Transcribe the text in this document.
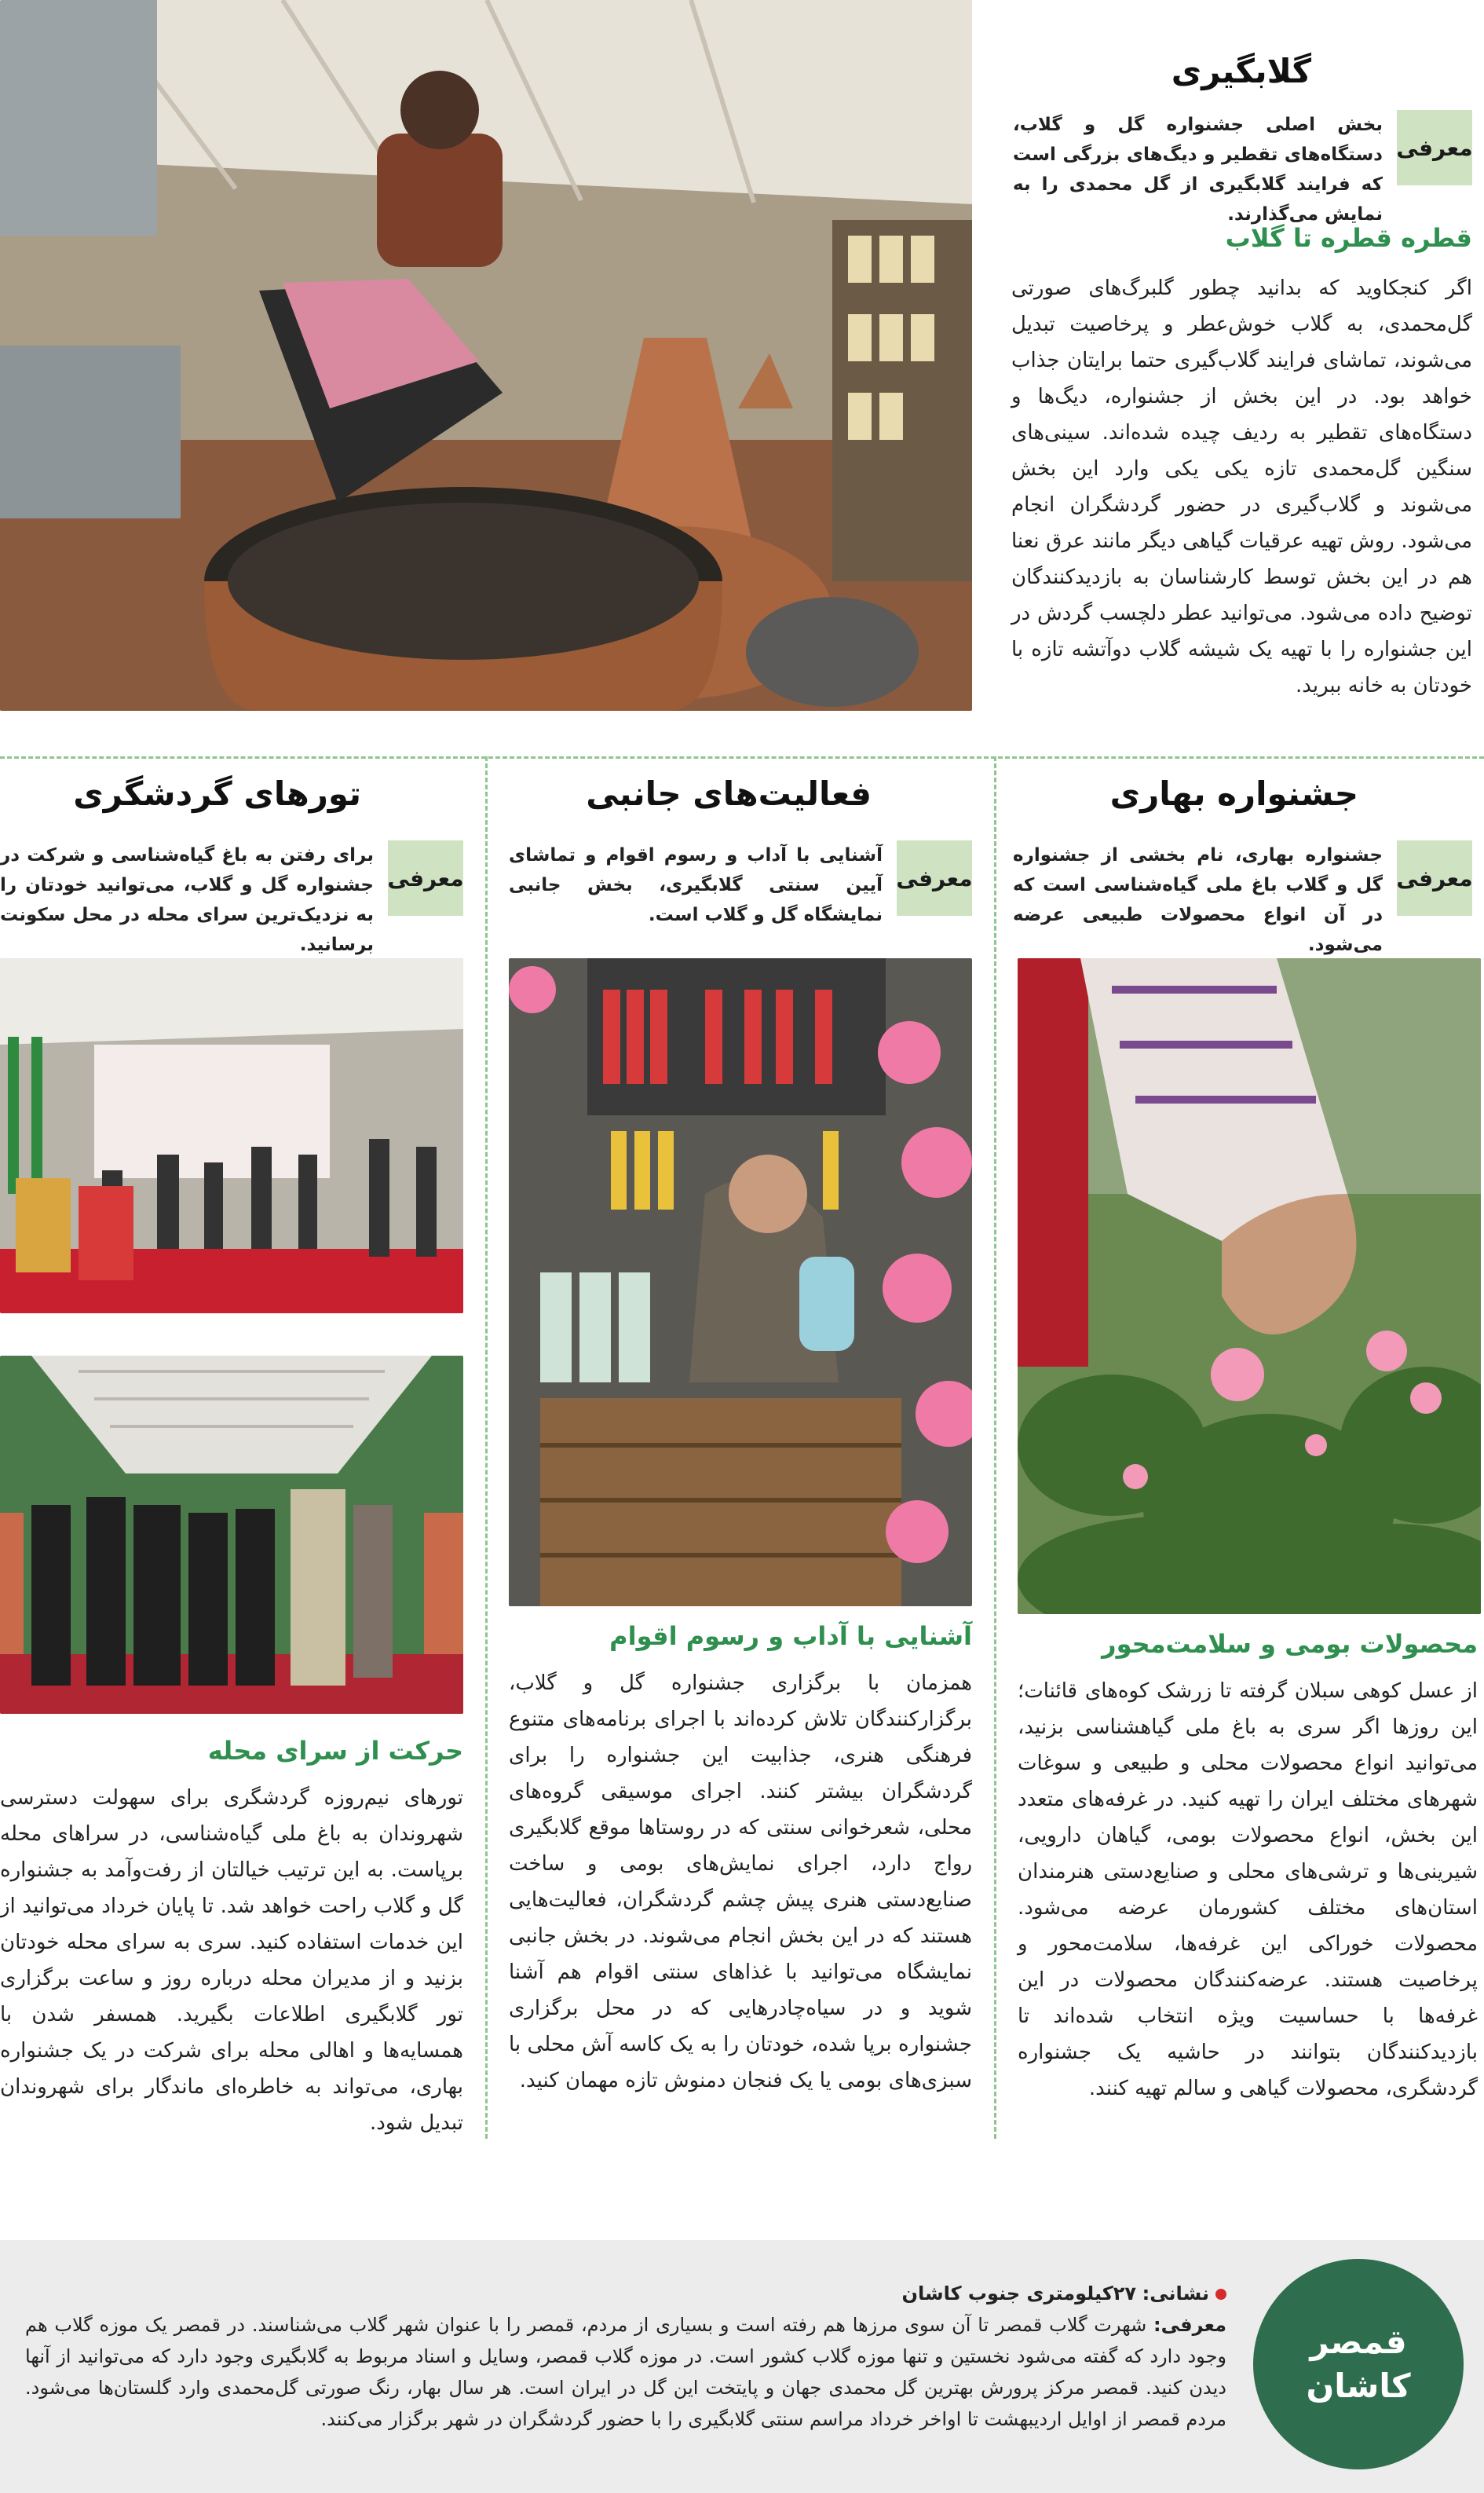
گلابگیری
معرفی
بخش اصلی جشنواره گل و گلاب، دستگاه‌های تقطیر و دیگ‌های بزرگی است که فرایند گلابگیری از گل محمدی را به نمایش می‌گذارند.
قطره قطره تا گلاب
اگر کنجکاوید که بدانید چطور گلبرگ‌های صورتی گل‌محمدی، به گلاب خوش‌عطر و پرخاصیت تبدیل می‌شوند، تماشای فرایند گلاب‌گیری حتما برایتان جذاب خواهد بود. در این بخش از جشنواره، دیگ‌ها و دستگاه‌های تقطیر به ردیف چیده شده‌اند. سینی‌های سنگین گل‌محمدی تازه یکی یکی وارد این بخش می‌شوند و گلاب‌گیری در حضور گردشگران انجام می‌شود. روش تهیه عرقیات گیاهی دیگر مانند عرق نعنا هم در این بخش توسط کارشناسان به بازدیدکنندگان توضیح داده می‌شود. می‌توانید عطر دلچسب گردش در این جشنواره را با تهیه یک شیشه گلاب دوآتشه تازه با خودتان به خانه ببرید.
جشنواره بهاری
معرفی
جشنواره بهاری، نام بخشی از جشنواره گل و گلاب باغ ملی گیاه‌شناسی است که در آن انواع محصولات طبیعی عرضه می‌شود.
محصولات بومی و سلامت‌محور
از عسل کوهی سبلان گرفته تا زرشک کوه‌های قائنات؛ این روزها اگر سری به باغ ملی گیاهشناسی بزنید، می‌توانید انواع محصولات محلی و طبیعی و سوغات شهرهای مختلف ایران را تهیه کنید. در غرفه‌های متعدد این بخش، انواع محصولات بومی، گیاهان دارویی، شیرینی‌ها و ترشی‌های محلی و صنایع‌دستی هنرمندان استان‌های مختلف کشورمان عرضه می‌شود. محصولات خوراکی این غرفه‌ها، سلامت‌محور و پرخاصیت هستند. عرضه‌کنندگان محصولات در این غرفه‌ها با حساسیت ویژه انتخاب شده‌اند تا بازدیدکنندگان بتوانند در حاشیه یک جشنواره گردشگری، محصولات گیاهی و سالم تهیه کنند.
فعالیت‌های جانبی
معرفی
آشنایی با آداب و رسوم اقوام و تماشای آیین سنتی گلابگیری، بخش جانبی نمایشگاه گل و گلاب است.
آشنایی با آداب و رسوم اقوام
همزمان با برگزاری جشنواره گل و گلاب، برگزارکنندگان تلاش کرده‌اند با اجرای برنامه‌های متنوع فرهنگی هنری، جذابیت این جشنواره را برای گردشگران بیشتر کنند. اجرای موسیقی گروه‌های محلی، شعرخوانی سنتی که در روستاها موقع گلابگیری رواج دارد، اجرای نمایش‌های بومی و ساخت صنایع‌دستی هنری پیش چشم گردشگران، فعالیت‌هایی هستند که در این بخش انجام می‌شوند. در بخش جانبی نمایشگاه می‌توانید با غذاهای سنتی اقوام هم آشنا شوید و در سیاه‌چادرهایی که در محل برگزاری جشنواره برپا شده، خودتان را به یک کاسه آش محلی با سبزی‌های بومی یا یک فنجان دمنوش تازه مهمان کنید.
تورهای گردشگری
معرفی
برای رفتن به باغ گیاه‌شناسی و شرکت در جشنواره گل و گلاب، می‌توانید خودتان را به نزدیک‌ترین سرای محله در محل سکونت برسانید.
حرکت از سرای محله
تورهای نیم‌روزه گردشگری برای سهولت دسترسی شهروندان به باغ ملی گیاه‌شناسی، در سراهای محله برپاست. به این ترتیب خیالتان از رفت‌وآمد به جشنواره گل و گلاب راحت خواهد شد. تا پایان خرداد می‌توانید از این خدمات استفاده کنید. سری به سرای محله خودتان بزنید و از مدیران محله درباره روز و ساعت برگزاری تور گلابگیری اطلاعات بگیرید. همسفر شدن با همسایه‌ها و اهالی محله برای شرکت در یک جشنواره بهاری، می‌تواند به خاطره‌ای ماندگار برای شهروندان تبدیل شود.
قمصر
کاشان
نشانی: ۲۷کیلومتری جنوب کاشان
معرفی: شهرت گلاب قمصر تا آن سوی مرزها هم رفته است و بسیاری از مردم، قمصر را با عنوان شهر گلاب می‌شناسند. در قمصر یک موزه گلاب هم وجود دارد که گفته می‌شود نخستین و تنها موزه گلاب کشور است. در موزه گلاب قمصر، وسایل و اسناد مربوط به گلابگیری وجود دارد که می‌توانید از آنها دیدن کنید. قمصر مرکز پرورش بهترین گل محمدی جهان و پایتخت این گل در ایران است. هر سال بهار، رنگ صورتی گل‌محمدی وارد گلستان‌ها می‌شود. مردم قمصر از اوایل اردیبهشت تا اواخر خرداد مراسم سنتی گلابگیری را با حضور گردشگران در شهر برگزار می‌کنند.
